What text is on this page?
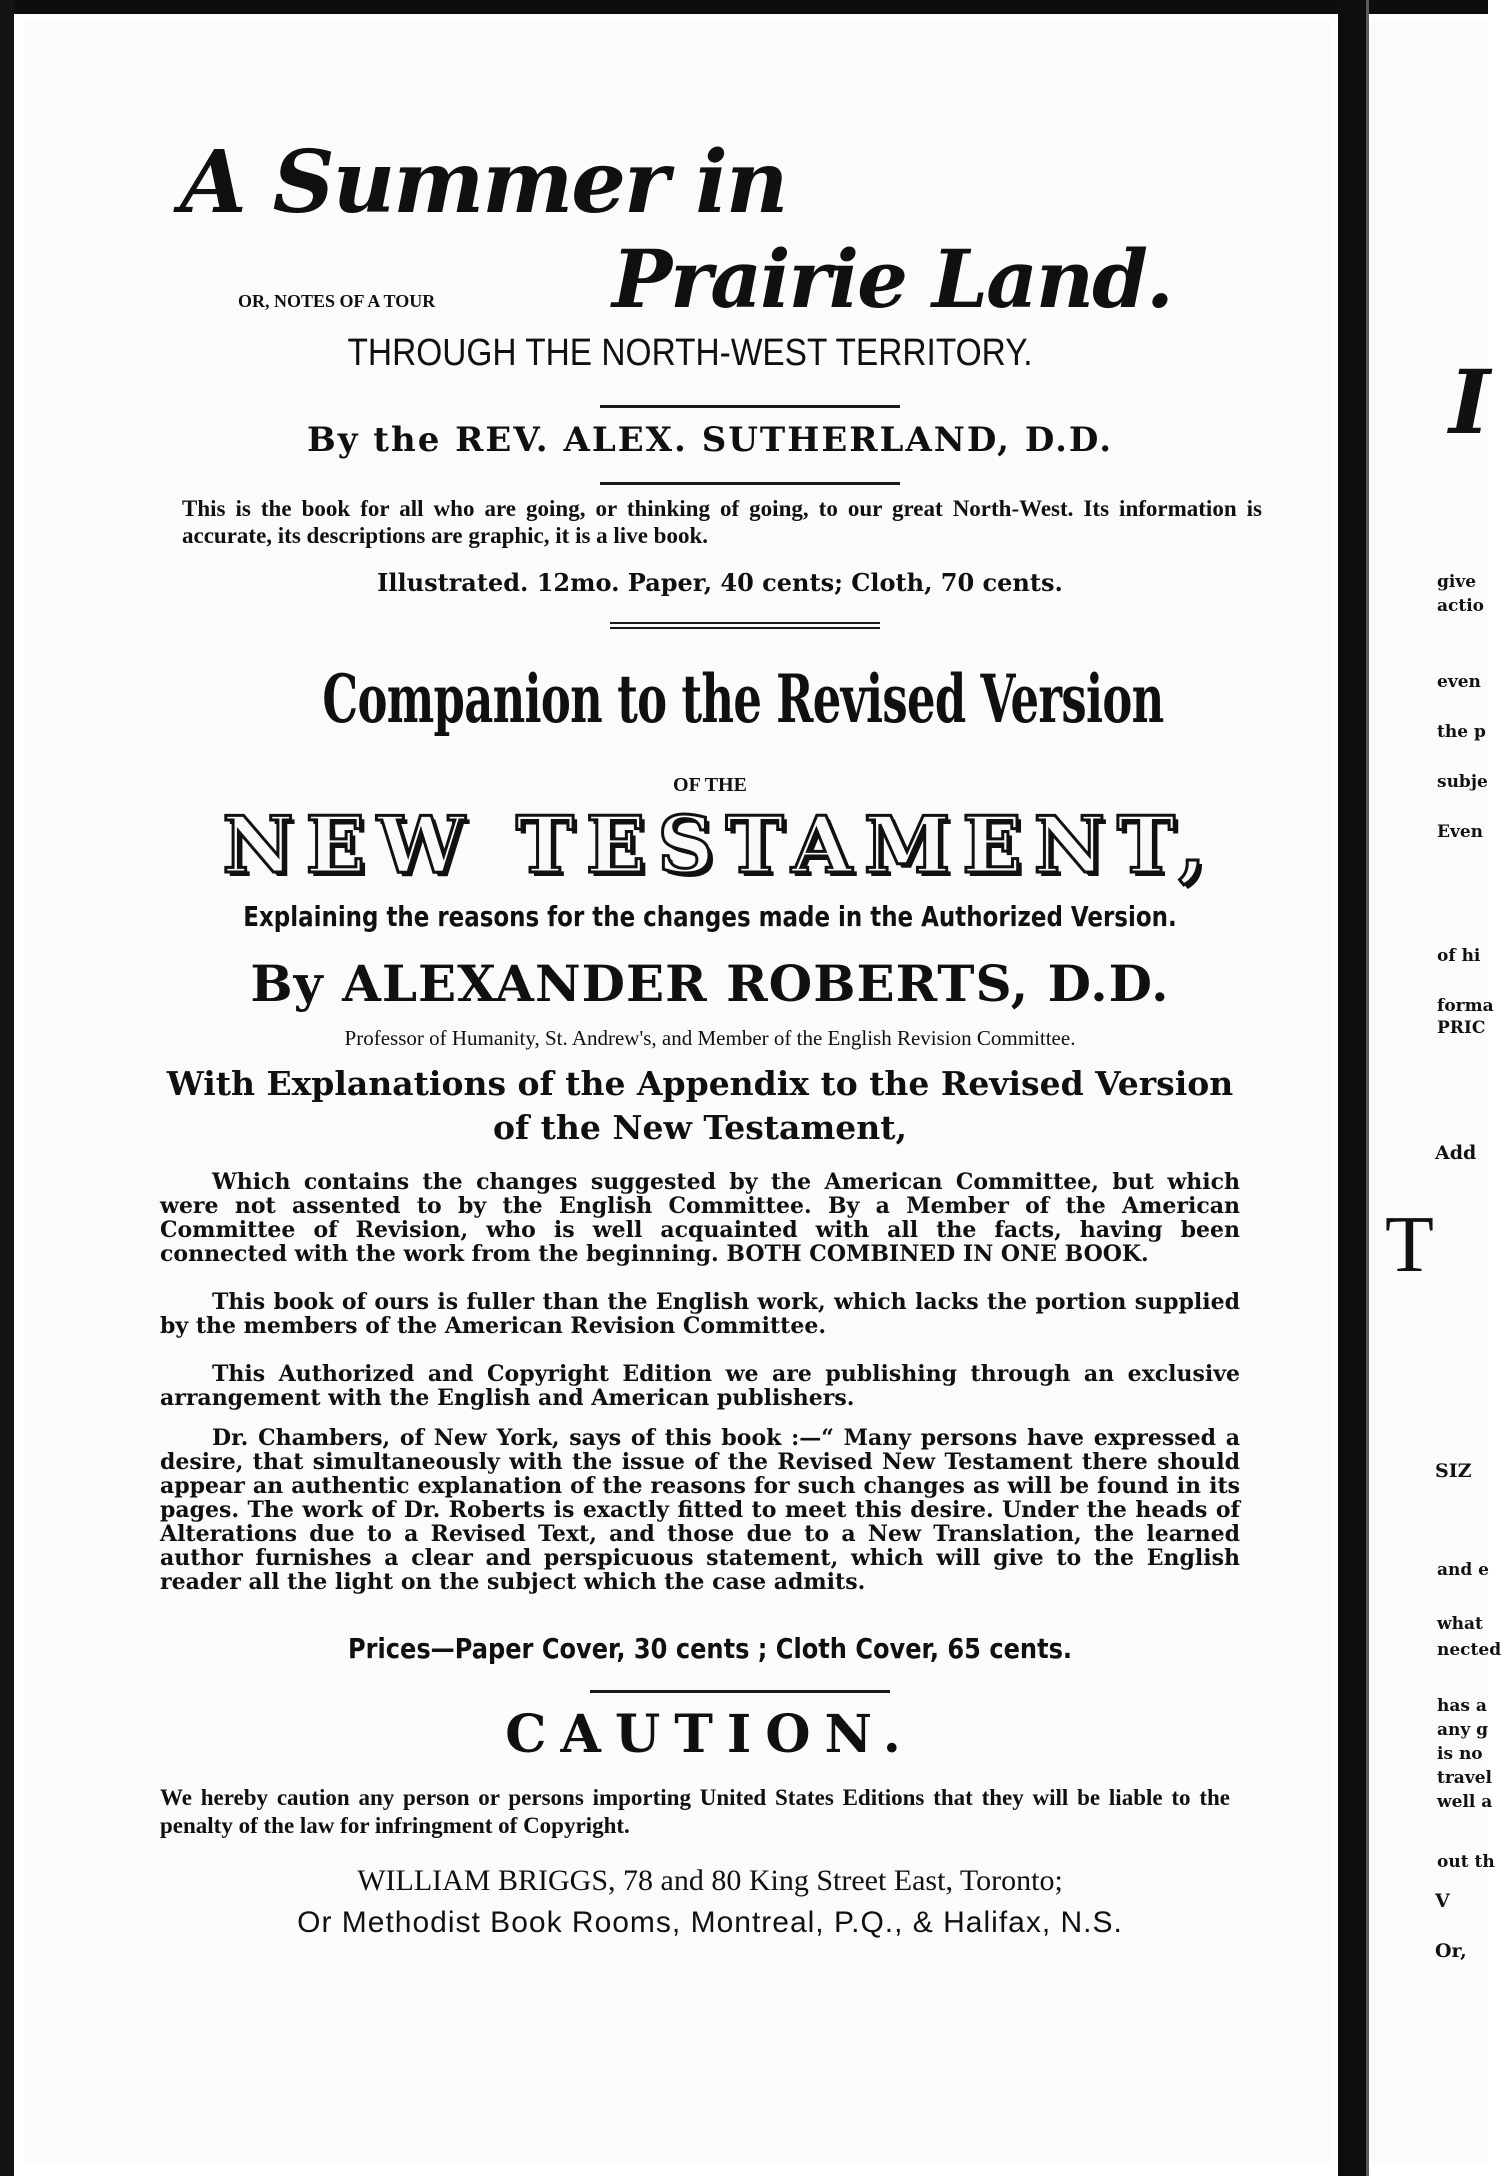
A Summer in
OR, NOTES OF A TOUR Prairie Land.
THROUGH THE NORTH-WEST TERRITORY.
By the REV. ALEX. SUTHERLAND, D.D.
This is the book for all who are going, or thinking of going, to our great North-West. Its information is accurate, its descriptions are graphic, it is a live book.
Illustrated. 12mo. Paper, 40 cents; Cloth, 70 cents.
Companion to the Revised Version
OF THE
NEW TESTAMENT,
Explaining the reasons for the changes made in the Authorized Version.
By ALEXANDER ROBERTS, D.D.
Professor of Humanity, St. Andrew's, and Member of the English Revision Committee.
With Explanations of the Appendix to the Revised Version of the New Testament,
Which contains the changes suggested by the American Committee, but which were not assented to by the English Committee. By a Member of the American Committee of Revision, who is well acquainted with all the facts, having been connected with the work from the beginning. BOTH COMBINED IN ONE BOOK.
This book of ours is fuller than the English work, which lacks the portion supplied by the members of the American Revision Committee.
This Authorized and Copyright Edition we are publishing through an exclusive arrangement with the English and American publishers.
Dr. Chambers, of New York, says of this book :—“ Many persons have expressed a desire, that simultaneously with the issue of the Revised New Testament there should appear an authentic explanation of the reasons for such changes as will be found in its pages. The work of Dr. Roberts is exactly fitted to meet this desire. Under the heads of Alterations due to a Revised Text, and those due to a New Translation, the learned author furnishes a clear and perspicuous statement, which will give to the English reader all the light on the subject which the case admits.
Prices—Paper Cover, 30 cents ; Cloth Cover, 65 cents.
CAUTION.
We hereby caution any person or persons importing United States Editions that they will be liable to the penalty of the law for infringment of Copyright.
WILLIAM BRIGGS, 78 and 80 King Street East, Toronto;
Or Methodist Book Rooms, Montreal, P.Q., & Halifax, N.S.
I
give
actio
even
the p
subje
Even
of hi
forma
PRIC
Add
T
SIZ
and e
what
nected
has a
any g
is no
travel
well a
out th
V
Or,
